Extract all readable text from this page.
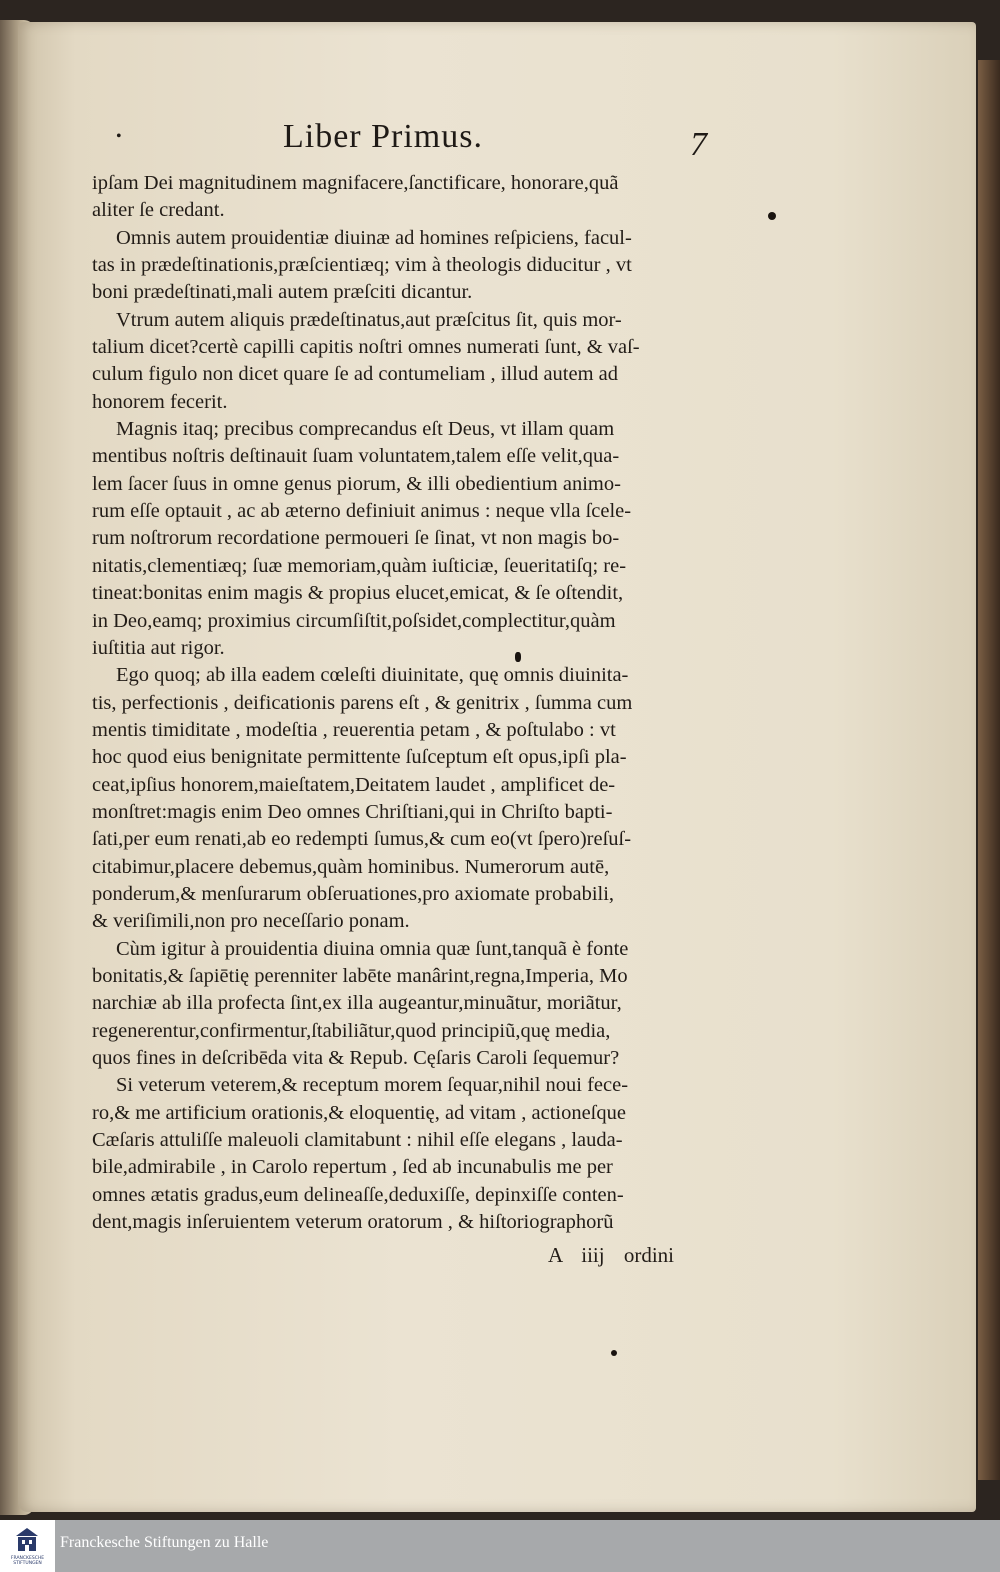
•	Liber Primus.	7
ipſam Dei magnitudinem magnifacere,ſanctificare, honorare,quã
aliter ſe credant.
Omnis autem prouidentiæ diuinæ ad homines reſpiciens, facul-
tas in prædeſtinationis,præſcientiæq; vim à theologis diducitur , vt
boni prædeſtinati,mali autem præſciti dicantur.
Vtrum autem aliquis prædeſtinatus,aut præſcitus ſit, quis mor-
talium dicet?certè capilli capitis noſtri omnes numerati ſunt, & vaſ-
culum figulo non dicet quare ſe ad contumeliam , illud autem ad
honorem fecerit.
Magnis itaq; precibus comprecandus eſt Deus, vt illam quam
mentibus noſtris deſtinauit ſuam voluntatem,talem eſſe velit,qua-
lem ſacer ſuus in omne genus piorum, & illi obedientium animo-
rum eſſe optauit , ac ab æterno definiuit animus : neque vlla ſcele-
rum noſtrorum recordatione permoueri ſe ſinat, vt non magis bo-
nitatis,clementiæq; ſuæ memoriam,quàm iuſticiæ, ſeueritatiſq; re-
tineat:bonitas enim magis & propius elucet,emicat, & ſe oſtendit,
in Deo,eamq; proximius circumſiſtit,poſsidet,complectitur,quàm
iuſtitia aut rigor.
Ego quoq; ab illa eadem cœleſti diuinitate, quę omnis diuinita-
tis, perfectionis , deificationis parens eſt , & genitrix , ſumma cum
mentis timiditate , modeſtia , reuerentia petam , & poſtulabo : vt
hoc quod eius benignitate permittente ſuſceptum eſt opus,ipſi pla-
ceat,ipſius honorem,maieſtatem,Deitatem laudet , amplificet de-
monſtret:magis enim Deo omnes Chriſtiani,qui in Chriſto bapti-
ſati,per eum renati,ab eo redempti ſumus,& cum eo(vt ſpero)reſuſ-
citabimur,placere debemus,quàm hominibus. Numerorum autē,
ponderum,& menſurarum obſeruationes,pro axiomate probabili,
& veriſimili,non pro neceſſario ponam.
Cùm igitur à prouidentia diuina omnia quæ ſunt,tanquã è fonte
bonitatis,& ſapiētię perenniter labēte manârint,regna,Imperia, Mo
narchiæ ab illa profecta ſint,ex illa augeantur,minuãtur, moriãtur,
regenerentur,confirmentur,ſtabiliãtur,quod principiũ,quę media,
quos fines in deſcribēda vita & Repub. Cęſaris Caroli ſequemur?
Si veterum veterem,& receptum morem ſequar,nihil noui fece-
ro,& me artificium orationis,& eloquentię, ad vitam , actioneſque
Cæſaris attuliſſe maleuoli clamitabunt : nihil eſſe elegans , lauda-
bile,admirabile , in Carolo repertum , ſed ab incunabulis me per
omnes ætatis gradus,eum delineaſſe,deduxiſſe, depinxiſſe conten-
dent,magis inſeruientem veterum oratorum , & hiſtoriographorũ
A iiij ordini
FRANCKESCHE
STIFTUNGEN
Franckesche Stiftungen zu Halle
